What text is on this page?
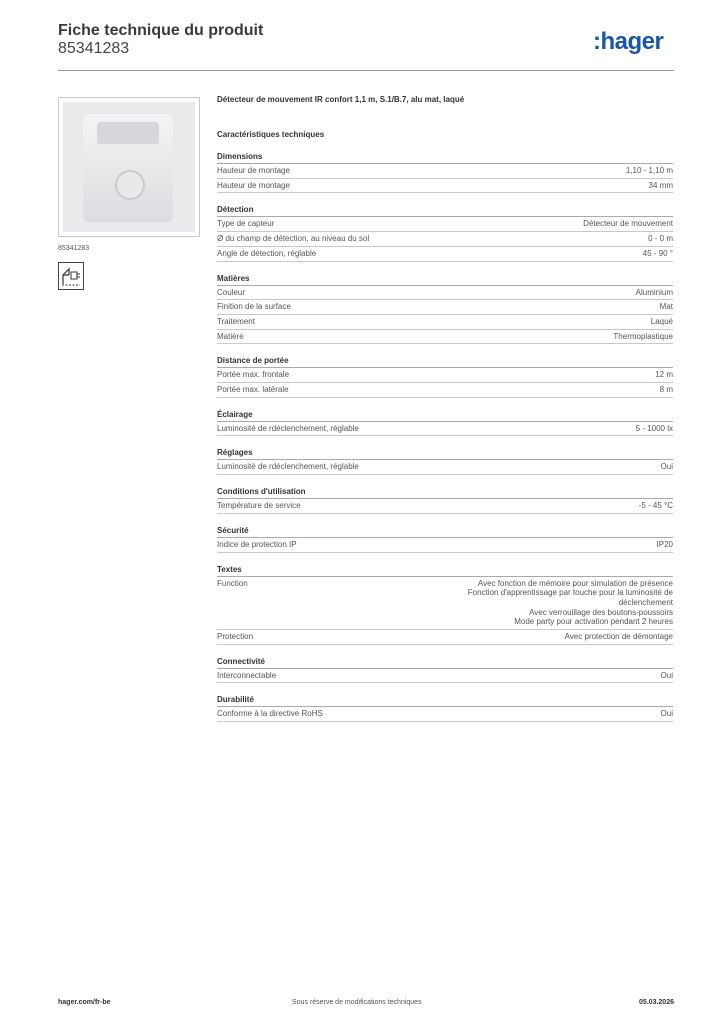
Fiche technique du produit
85341283	:hager
85341283
Détecteur de mouvement IR confort 1,1 m, S.1/B.7, alu mat, laqué
Caractéristiques techniques
Dimensions
Hauteur de montage	1,10 - 1,10 m
Hauteur de montage	34 mm
Détection
Type de capteur	Détecteur de mouvement
Ø du champ de détection, au niveau du sol	0 - 0 m
Angle de détection, réglable	45 - 90 °
Matières
Couleur	Aluminium
Finition de la surface	Mat
Traitement	Laqué
Matière	Thermoplastique
Distance de portée
Portée max. frontale	12 m
Portée max. latérale	8 m
Éclairage
Luminosité de rdéclenchement, réglable	5 - 1000 lx
Réglages
Luminosité de rdéclenchement, réglable	Oui
Conditions d'utilisation
Température de service	-5 - 45 °C
Sécurité
Indice de protection IP	IP20
Textes
Function	Avec fonction de mémoire pour simulation de présence
Fonction d'apprentissage par touche pour la luminosité de
déclenchement
Avec verrouillage des boutons-poussoirs
Mode party pour activation pendant 2 heures
Protection	Avec protection de démontage
Connectivité
Interconnectable	Oui
Durabilité
Conforme à la directive RoHS	Oui
hager.com/fr-be	Sous réserve de modifications techniques	05.03.2026
